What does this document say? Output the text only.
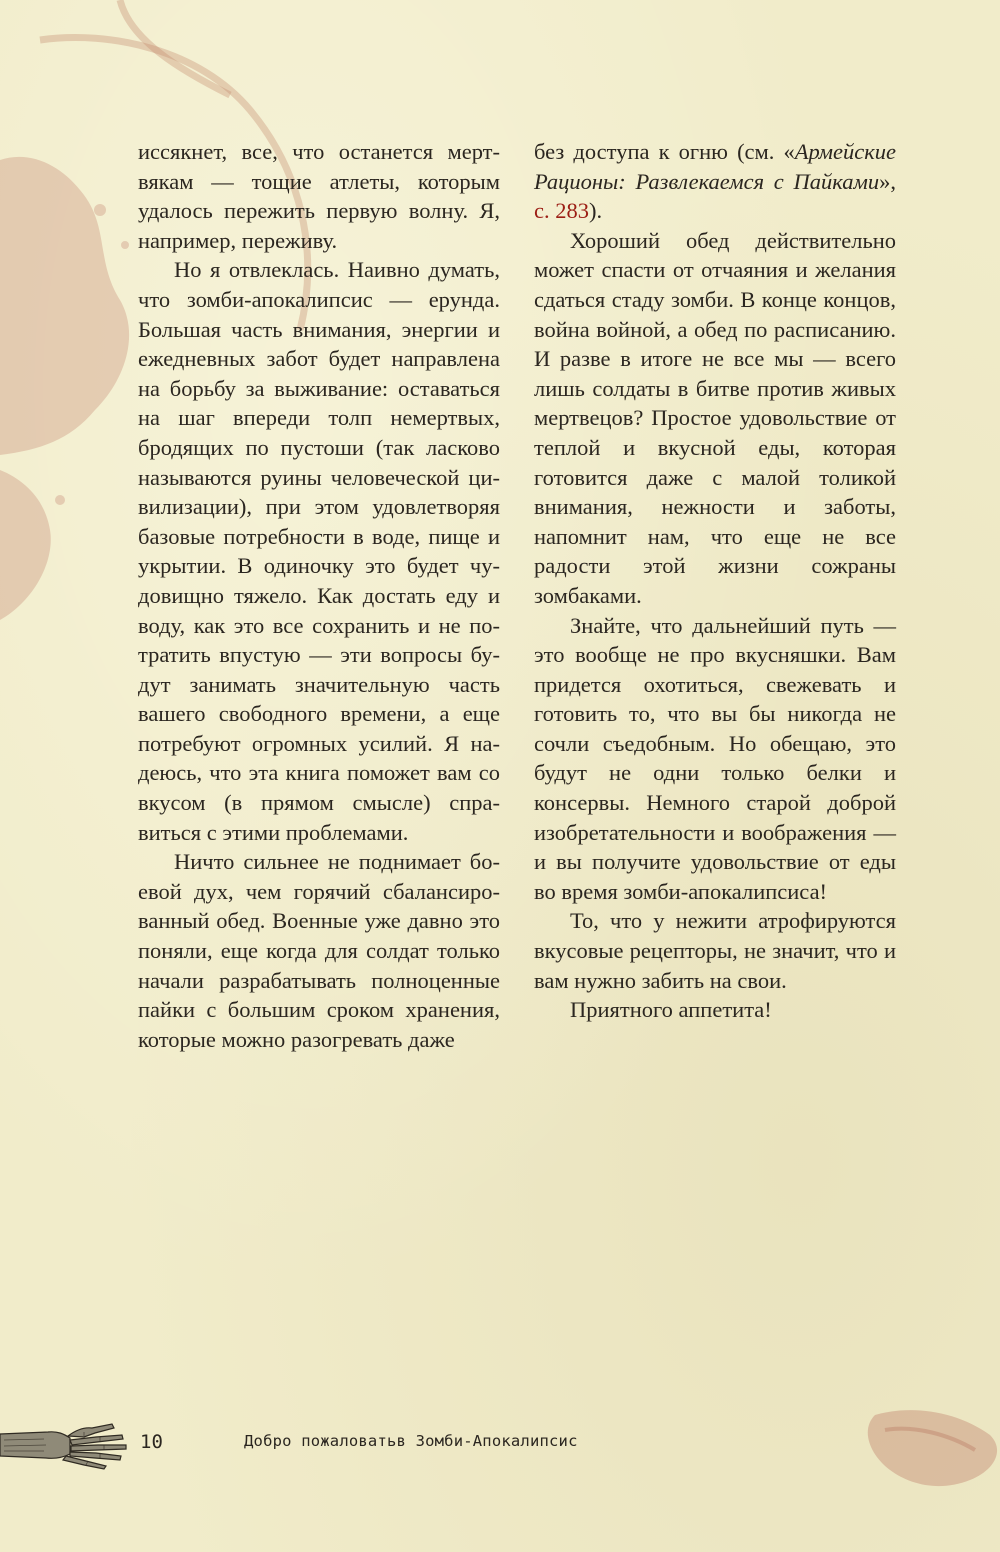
иссякнет, все, что останется мертвякам — тощие атлеты, которым удалось пережить первую волну. Я, например, переживу.

Но я отвлеклась. Наивно думать, что зомби-апокалипсис — ерунда. Большая часть внимания, энергии и ежедневных забот будет направлена на борьбу за выживание: оставаться на шаг впереди толп немертвых, бродящих по пустоши (так ласково называются руины человеческой цивилизации), при этом удовлетворяя базовые потребности в воде, пище и укрытии. В одиночку это будет чудовищно тяжело. Как достать еду и воду, как это все сохранить и не потратить впустую — эти вопросы будут занимать значительную часть вашего свободного времени, а еще потребуют огромных усилий. Я надеюсь, что эта книга поможет вам со вкусом (в прямом смысле) справиться с этими проблемами.

Ничто сильнее не поднимает боевой дух, чем горячий сбалансированный обед. Военные уже давно это поняли, еще когда для солдат только начали разрабатывать полноценные пайки с большим сроком хранения, которые можно разогревать даже

без доступа к огню (см. «Армейские Рационы: Развлекаемся с Пайками», с. 283).

Хороший обед действительно может спасти от отчаяния и желания сдаться стаду зомби. В конце концов, война войной, а обед по расписанию. И разве в итоге не все мы — всего лишь солдаты в битве против живых мертвецов? Простое удовольствие от теплой и вкусной еды, которая готовится даже с малой толикой внимания, нежности и заботы, напомнит нам, что еще не все радости этой жизни сожраны зомбаками.

Знайте, что дальнейший путь — это вообще не про вкусняшки. Вам придется охотиться, свежевать и готовить то, что вы бы никогда не сочли съедобным. Но обещаю, это будут не одни только белки и консервы. Немного старой доброй изобретательности и воображения — и вы получите удовольствие от еды во время зомби-апокалипсиса!

То, что у нежити атрофируются вкусовые рецепторы, не значит, что и вам нужно забить на свои.

Приятного аппетита!

10	Добро пожаловатьв Зомби-Апокалипсис
